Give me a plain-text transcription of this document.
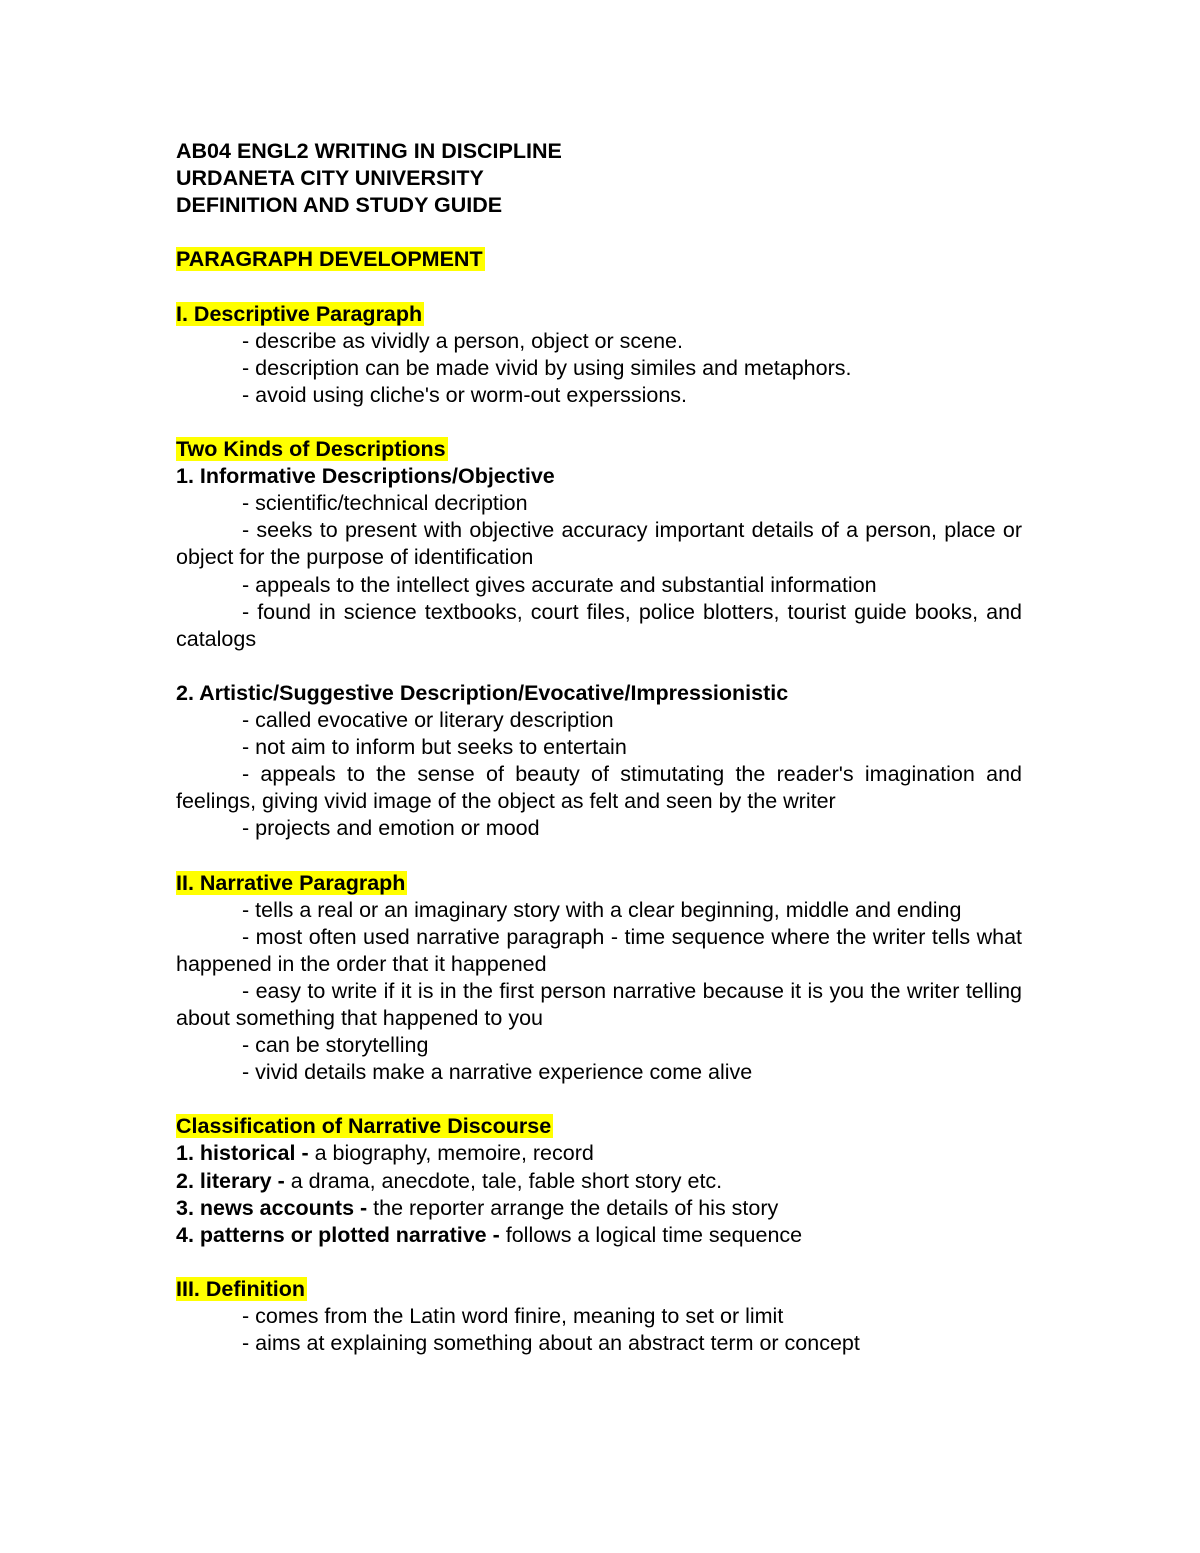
AB04 ENGL2 WRITING IN DISCIPLINE
URDANETA CITY UNIVERSITY
DEFINITION AND STUDY GUIDE
PARAGRAPH DEVELOPMENT
I. Descriptive Paragraph
- describe as vividly a person, object or scene.
- description can be made vivid by using similes and metaphors.
- avoid using cliche's or worm-out experssions.
Two Kinds of Descriptions
1. Informative Descriptions/Objective
- scientific/technical decription
- seeks to present with objective accuracy important details of a person, place or object for the purpose of identification
- appeals to the intellect gives accurate and substantial information
- found in science textbooks, court files, police blotters, tourist guide books, and catalogs
2. Artistic/Suggestive Description/Evocative/Impressionistic
- called evocative or literary description
- not aim to inform but seeks to entertain
- appeals to the sense of beauty of stimutating the reader's imagination and feelings, giving vivid image of the object as felt and seen by the writer
- projects and emotion or mood
II. Narrative Paragraph
- tells a real or an imaginary story with a clear beginning, middle and ending
- most often used narrative paragraph - time sequence where the writer tells what happened in the order that it happened
- easy to write if it is in the first person narrative because it is you the writer telling about something that happened to you
- can be storytelling
- vivid details make a narrative experience come alive
Classification of Narrative Discourse
1. historical - a biography, memoire, record
2. literary - a drama, anecdote, tale, fable short story etc.
3. news accounts - the reporter arrange the details of his story
4. patterns or plotted narrative - follows a logical time sequence
III. Definition
- comes from the Latin word finire, meaning to set or limit
- aims at explaining something about an abstract term or concept
